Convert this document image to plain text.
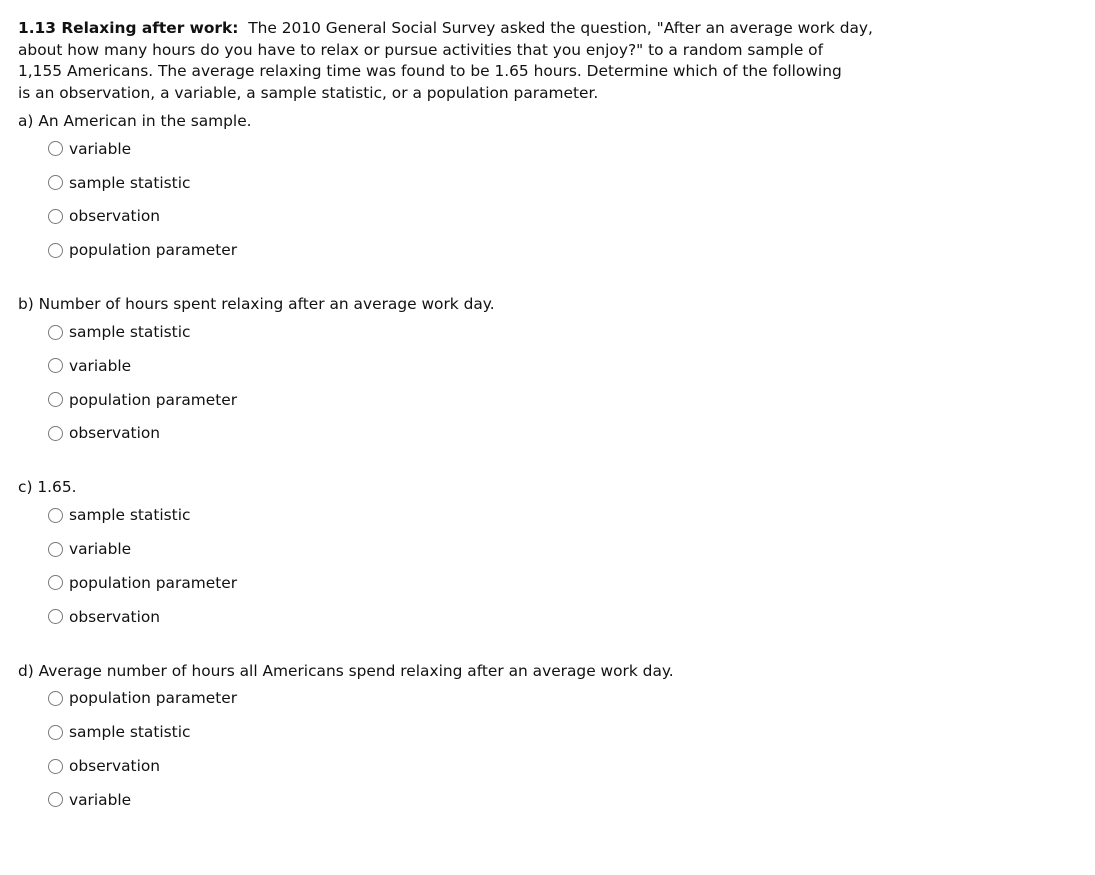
1.13 Relaxing after work: The 2010 General Social Survey asked the question, "After an average work day,
about how many hours do you have to relax or pursue activities that you enjoy?" to a random sample of
1,155 Americans. The average relaxing time was found to be 1.65 hours. Determine which of the following
is an observation, a variable, a sample statistic, or a population parameter.
a) An American in the sample.
variable
sample statistic
observation
population parameter
b) Number of hours spent relaxing after an average work day.
sample statistic
variable
population parameter
observation
c) 1.65.
sample statistic
variable
population parameter
observation
d) Average number of hours all Americans spend relaxing after an average work day.
population parameter
sample statistic
observation
variable
